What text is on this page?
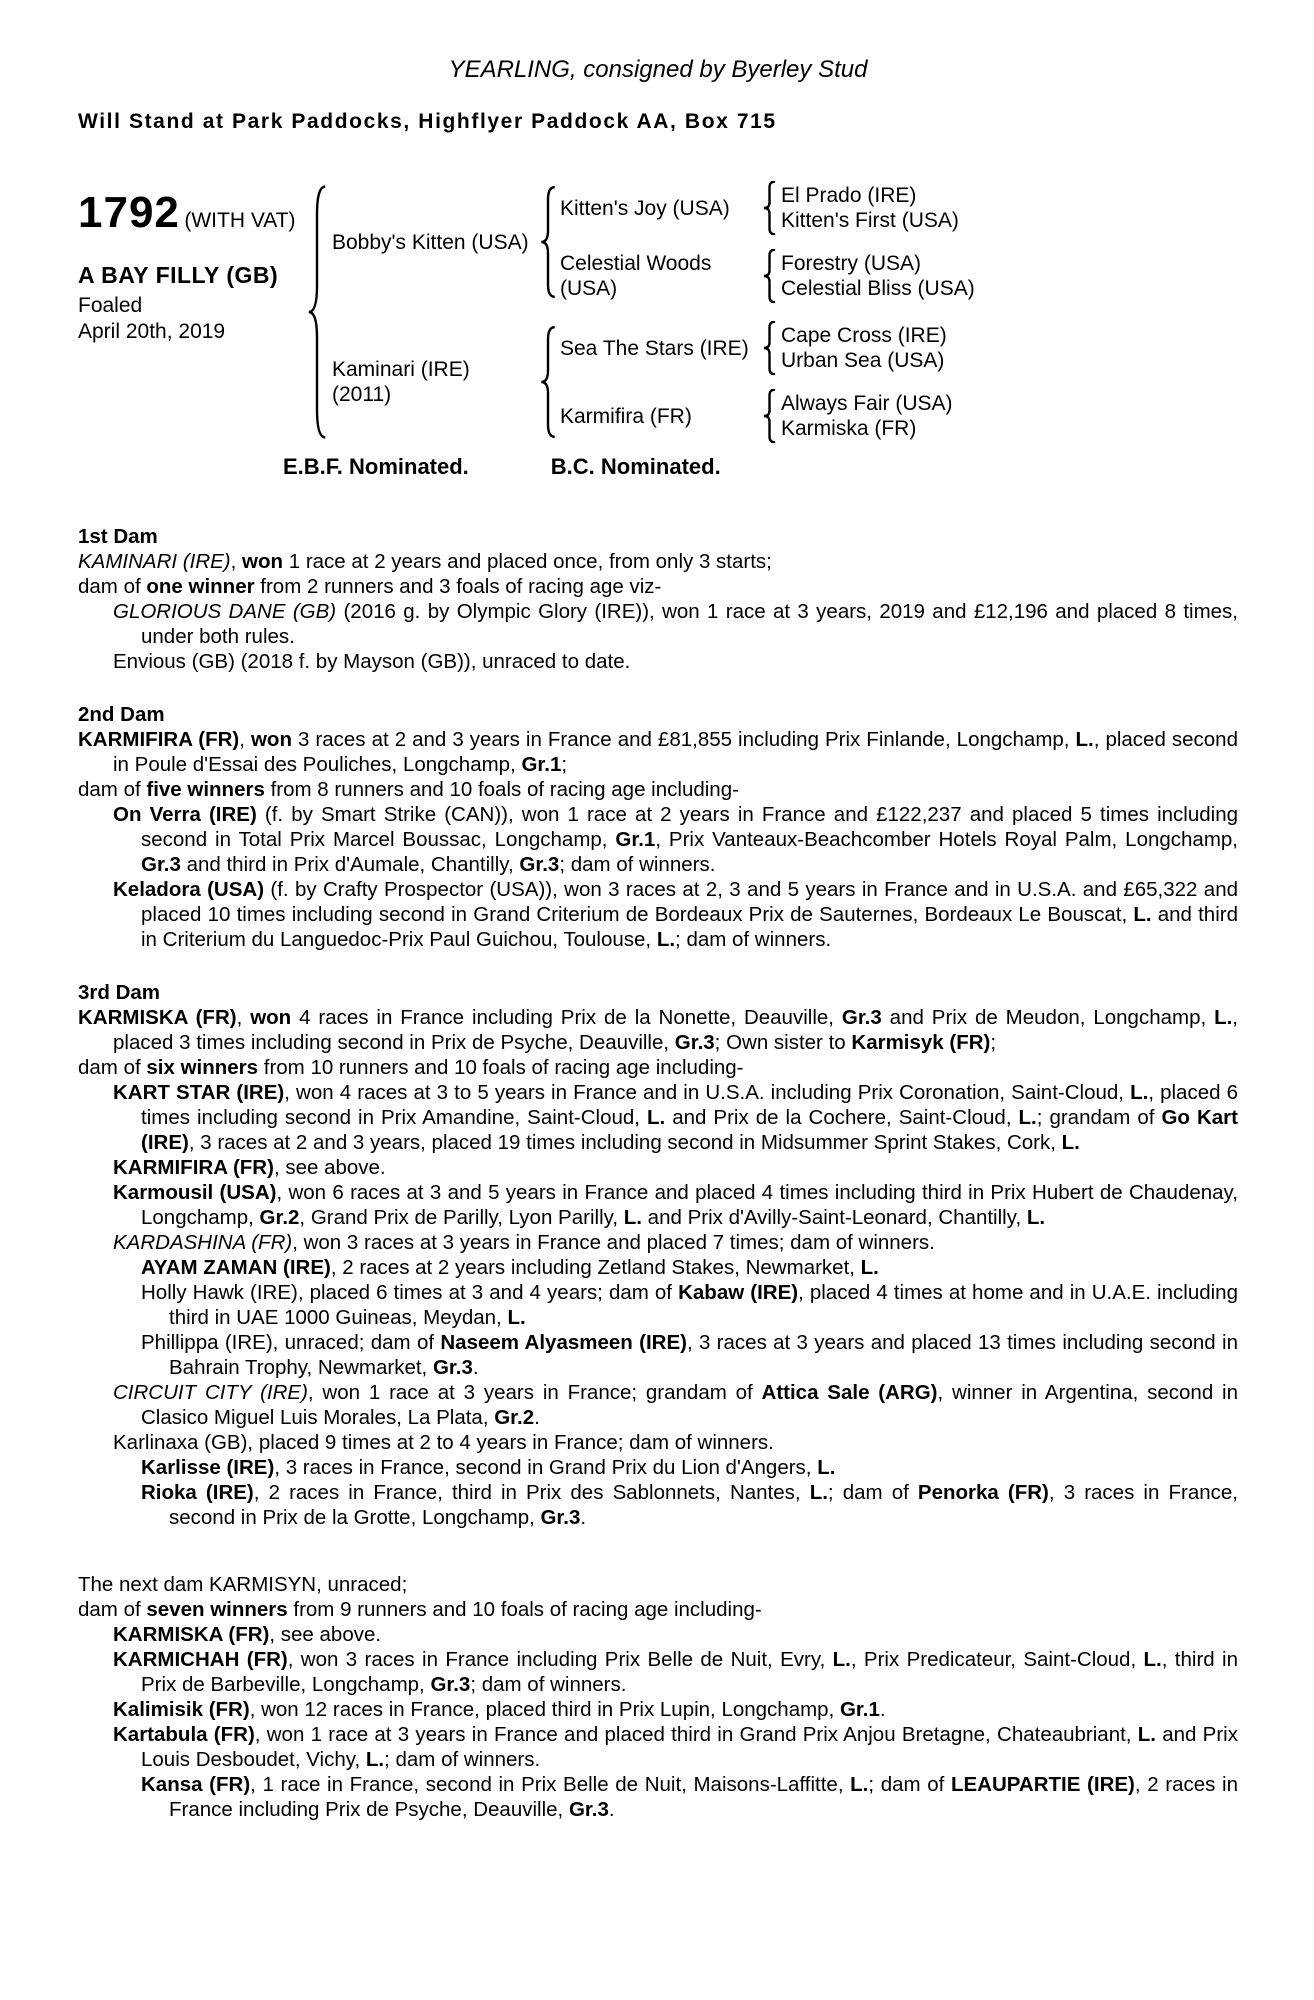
YEARLING, consigned by Byerley Stud
Will Stand at Park Paddocks, Highflyer Paddock AA, Box 715
1792 (WITH VAT)
A BAY FILLY (GB)
Foaled
April 20th, 2019
Bobby's Kitten (USA)
Kitten's Joy (USA)
El Prado (IRE)
Kitten's First (USA)
Celestial Woods (USA)
Forestry (USA)
Celestial Bliss (USA)
Kaminari (IRE)
(2011)
Sea The Stars (IRE)
Cape Cross (IRE)
Urban Sea (USA)
Karmifira (FR)
Always Fair (USA)
Karmiska (FR)
E.B.F. Nominated.	B.C. Nominated.
1st Dam

KAMINARI (IRE), won 1 race at 2 years and placed once, from only 3 starts;

dam of one winner from 2 runners and 3 foals of racing age viz-

GLORIOUS DANE (GB) (2016 g. by Olympic Glory (IRE)), won 1 race at 3 years, 2019 and £12,196 and placed 8 times, under both rules.

Envious (GB) (2018 f. by Mayson (GB)), unraced to date.

2nd Dam

KARMIFIRA (FR), won 3 races at 2 and 3 years in France and £81,855 including Prix Finlande, Longchamp, L., placed second in Poule d'Essai des Pouliches, Longchamp, Gr.1;

dam of five winners from 8 runners and 10 foals of racing age including-

On Verra (IRE) (f. by Smart Strike (CAN)), won 1 race at 2 years in France and £122,237 and placed 5 times including second in Total Prix Marcel Boussac, Longchamp, Gr.1, Prix Vanteaux-Beachcomber Hotels Royal Palm, Longchamp, Gr.3 and third in Prix d'Aumale, Chantilly, Gr.3; dam of winners.

Keladora (USA) (f. by Crafty Prospector (USA)), won 3 races at 2, 3 and 5 years in France and in U.S.A. and £65,322 and placed 10 times including second in Grand Criterium de Bordeaux Prix de Sauternes, Bordeaux Le Bouscat, L. and third in Criterium du Languedoc-Prix Paul Guichou, Toulouse, L.; dam of winners.

3rd Dam

KARMISKA (FR), won 4 races in France including Prix de la Nonette, Deauville, Gr.3 and Prix de Meudon, Longchamp, L., placed 3 times including second in Prix de Psyche, Deauville, Gr.3; Own sister to Karmisyk (FR);

dam of six winners from 10 runners and 10 foals of racing age including-

KART STAR (IRE), won 4 races at 3 to 5 years in France and in U.S.A. including Prix Coronation, Saint-Cloud, L., placed 6 times including second in Prix Amandine, Saint-Cloud, L. and Prix de la Cochere, Saint-Cloud, L.; grandam of Go Kart (IRE), 3 races at 2 and 3 years, placed 19 times including second in Midsummer Sprint Stakes, Cork, L.

KARMIFIRA (FR), see above.

Karmousil (USA), won 6 races at 3 and 5 years in France and placed 4 times including third in Prix Hubert de Chaudenay, Longchamp, Gr.2, Grand Prix de Parilly, Lyon Parilly, L. and Prix d'Avilly-Saint-Leonard, Chantilly, L.

KARDASHINA (FR), won 3 races at 3 years in France and placed 7 times; dam of winners.

AYAM ZAMAN (IRE), 2 races at 2 years including Zetland Stakes, Newmarket, L.

Holly Hawk (IRE), placed 6 times at 3 and 4 years; dam of Kabaw (IRE), placed 4 times at home and in U.A.E. including third in UAE 1000 Guineas, Meydan, L.

Phillippa (IRE), unraced; dam of Naseem Alyasmeen (IRE), 3 races at 3 years and placed 13 times including second in Bahrain Trophy, Newmarket, Gr.3.

CIRCUIT CITY (IRE), won 1 race at 3 years in France; grandam of Attica Sale (ARG), winner in Argentina, second in Clasico Miguel Luis Morales, La Plata, Gr.2.

Karlinaxa (GB), placed 9 times at 2 to 4 years in France; dam of winners.

Karlisse (IRE), 3 races in France, second in Grand Prix du Lion d'Angers, L.

Rioka (IRE), 2 races in France, third in Prix des Sablonnets, Nantes, L.; dam of Penorka (FR), 3 races in France, second in Prix de la Grotte, Longchamp, Gr.3.

The next dam KARMISYN, unraced;

dam of seven winners from 9 runners and 10 foals of racing age including-

KARMISKA (FR), see above.

KARMICHAH (FR), won 3 races in France including Prix Belle de Nuit, Evry, L., Prix Predicateur, Saint-Cloud, L., third in Prix de Barbeville, Longchamp, Gr.3; dam of winners.

Kalimisik (FR), won 12 races in France, placed third in Prix Lupin, Longchamp, Gr.1.

Kartabula (FR), won 1 race at 3 years in France and placed third in Grand Prix Anjou Bretagne, Chateaubriant, L. and Prix Louis Desboudet, Vichy, L.; dam of winners.

Kansa (FR), 1 race in France, second in Prix Belle de Nuit, Maisons-Laffitte, L.; dam of LEAUPARTIE (IRE), 2 races in France including Prix de Psyche, Deauville, Gr.3.
